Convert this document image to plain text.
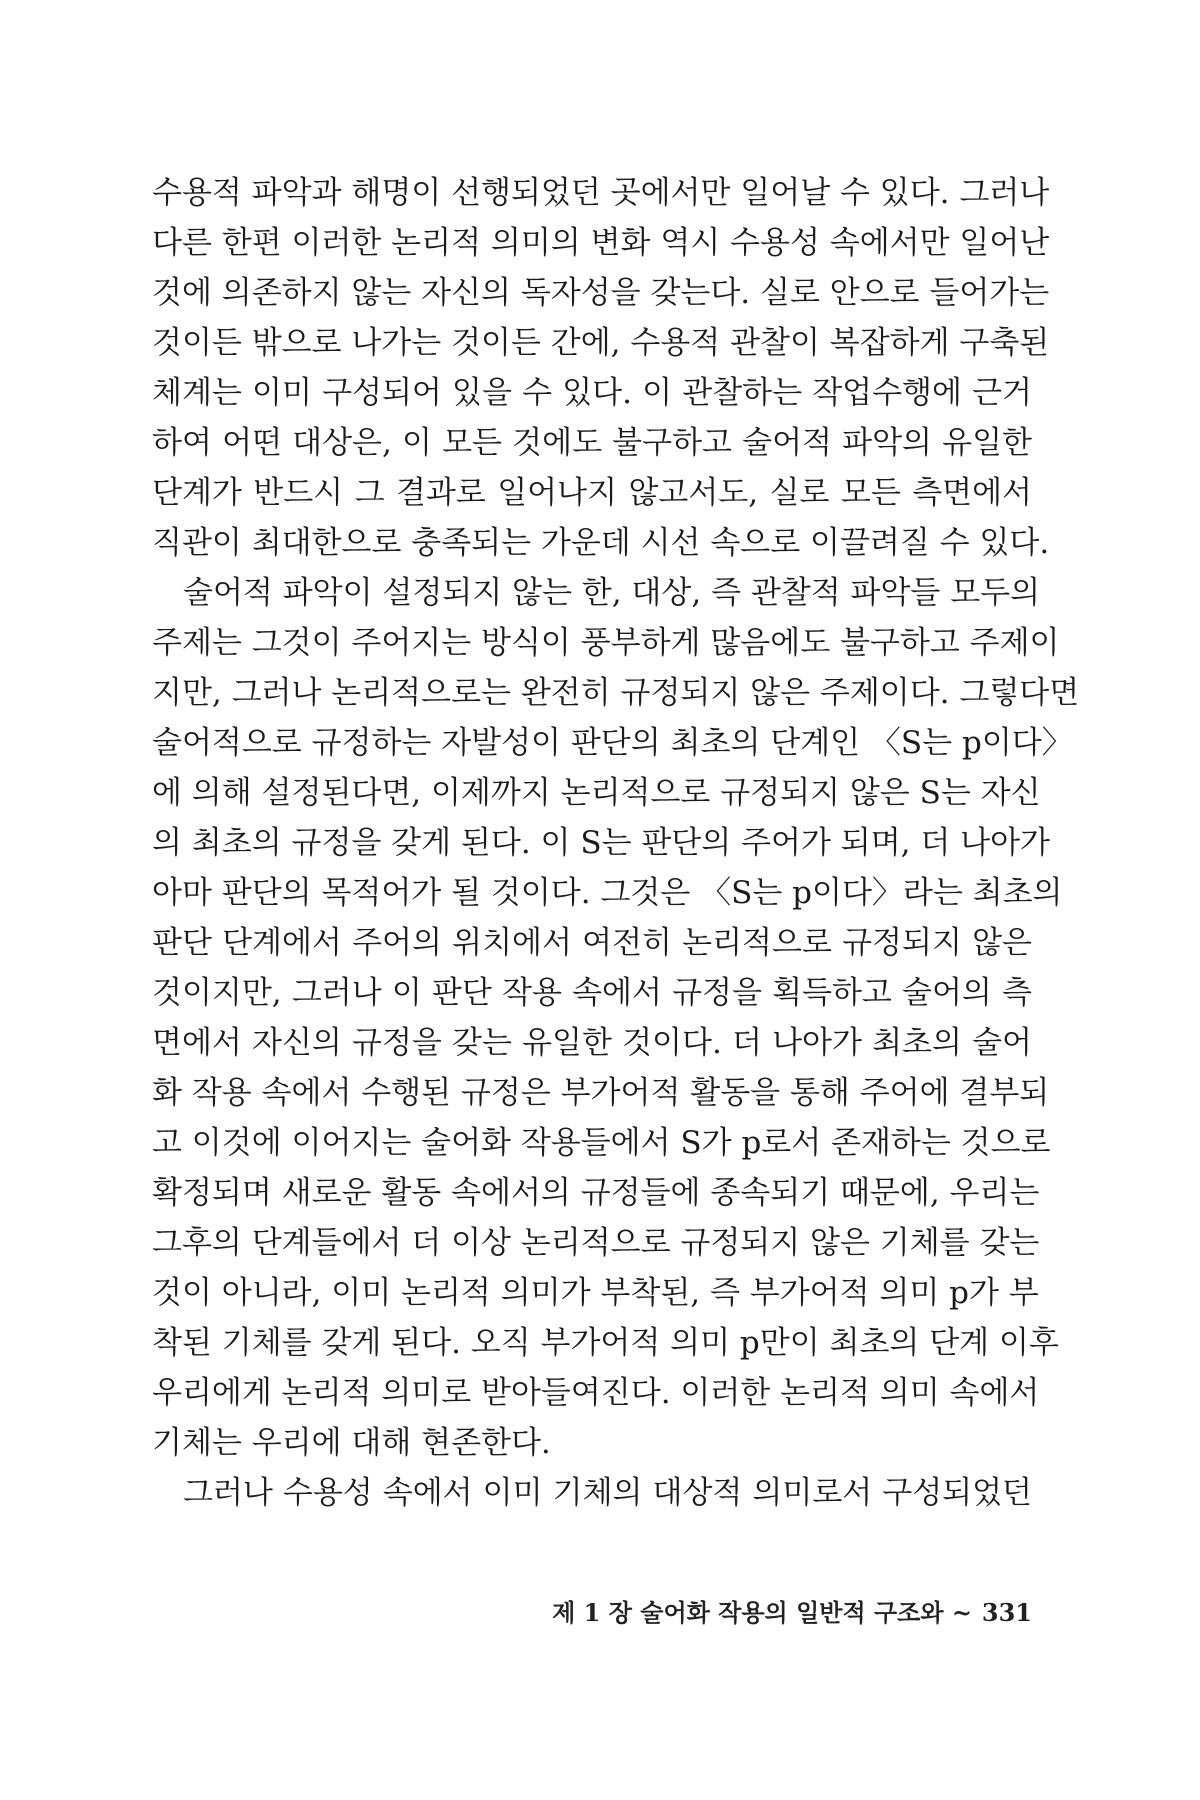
수용적 파악과 해명이 선행되었던 곳에서만 일어날 수 있다. 그러나
다른 한편 이러한 논리적 의미의 변화 역시 수용성 속에서만 일어난
것에 의존하지 않는 자신의 독자성을 갖는다. 실로 안으로 들어가는
것이든 밖으로 나가는 것이든 간에, 수용적 관찰이 복잡하게 구축된
체계는 이미 구성되어 있을 수 있다. 이 관찰하는 작업수행에 근거
하여 어떤 대상은, 이 모든 것에도 불구하고 술어적 파악의 유일한
단계가 반드시 그 결과로 일어나지 않고서도, 실로 모든 측면에서
직관이 최대한으로 충족되는 가운데 시선 속으로 이끌려질 수 있다.
술어적 파악이 설정되지 않는 한, 대상, 즉 관찰적 파악들 모두의
주제는 그것이 주어지는 방식이 풍부하게 많음에도 불구하고 주제이
지만, 그러나 논리적으로는 완전히 규정되지 않은 주제이다. 그렇다면
술어적으로 규정하는 자발성이 판단의 최초의 단계인 〈S는 p이다〉
에 의해 설정된다면, 이제까지 논리적으로 규정되지 않은 S는 자신
의 최초의 규정을 갖게 된다. 이 S는 판단의 주어가 되며, 더 나아가
아마 판단의 목적어가 될 것이다. 그것은 〈S는 p이다〉라는 최초의
판단 단계에서 주어의 위치에서 여전히 논리적으로 규정되지 않은
것이지만, 그러나 이 판단 작용 속에서 규정을 획득하고 술어의 측
면에서 자신의 규정을 갖는 유일한 것이다. 더 나아가 최초의 술어
화 작용 속에서 수행된 규정은 부가어적 활동을 통해 주어에 결부되
고 이것에 이어지는 술어화 작용들에서 S가 p로서 존재하는 것으로
확정되며 새로운 활동 속에서의 규정들에 종속되기 때문에, 우리는
그후의 단계들에서 더 이상 논리적으로 규정되지 않은 기체를 갖는
것이 아니라, 이미 논리적 의미가 부착된, 즉 부가어적 의미 p가 부
착된 기체를 갖게 된다. 오직 부가어적 의미 p만이 최초의 단계 이후
우리에게 논리적 의미로 받아들여진다. 이러한 논리적 의미 속에서
기체는 우리에 대해 현존한다.
그러나 수용성 속에서 이미 기체의 대상적 의미로서 구성되었던
제 1 장 술어화 작용의 일반적 구조와 ~ 331
